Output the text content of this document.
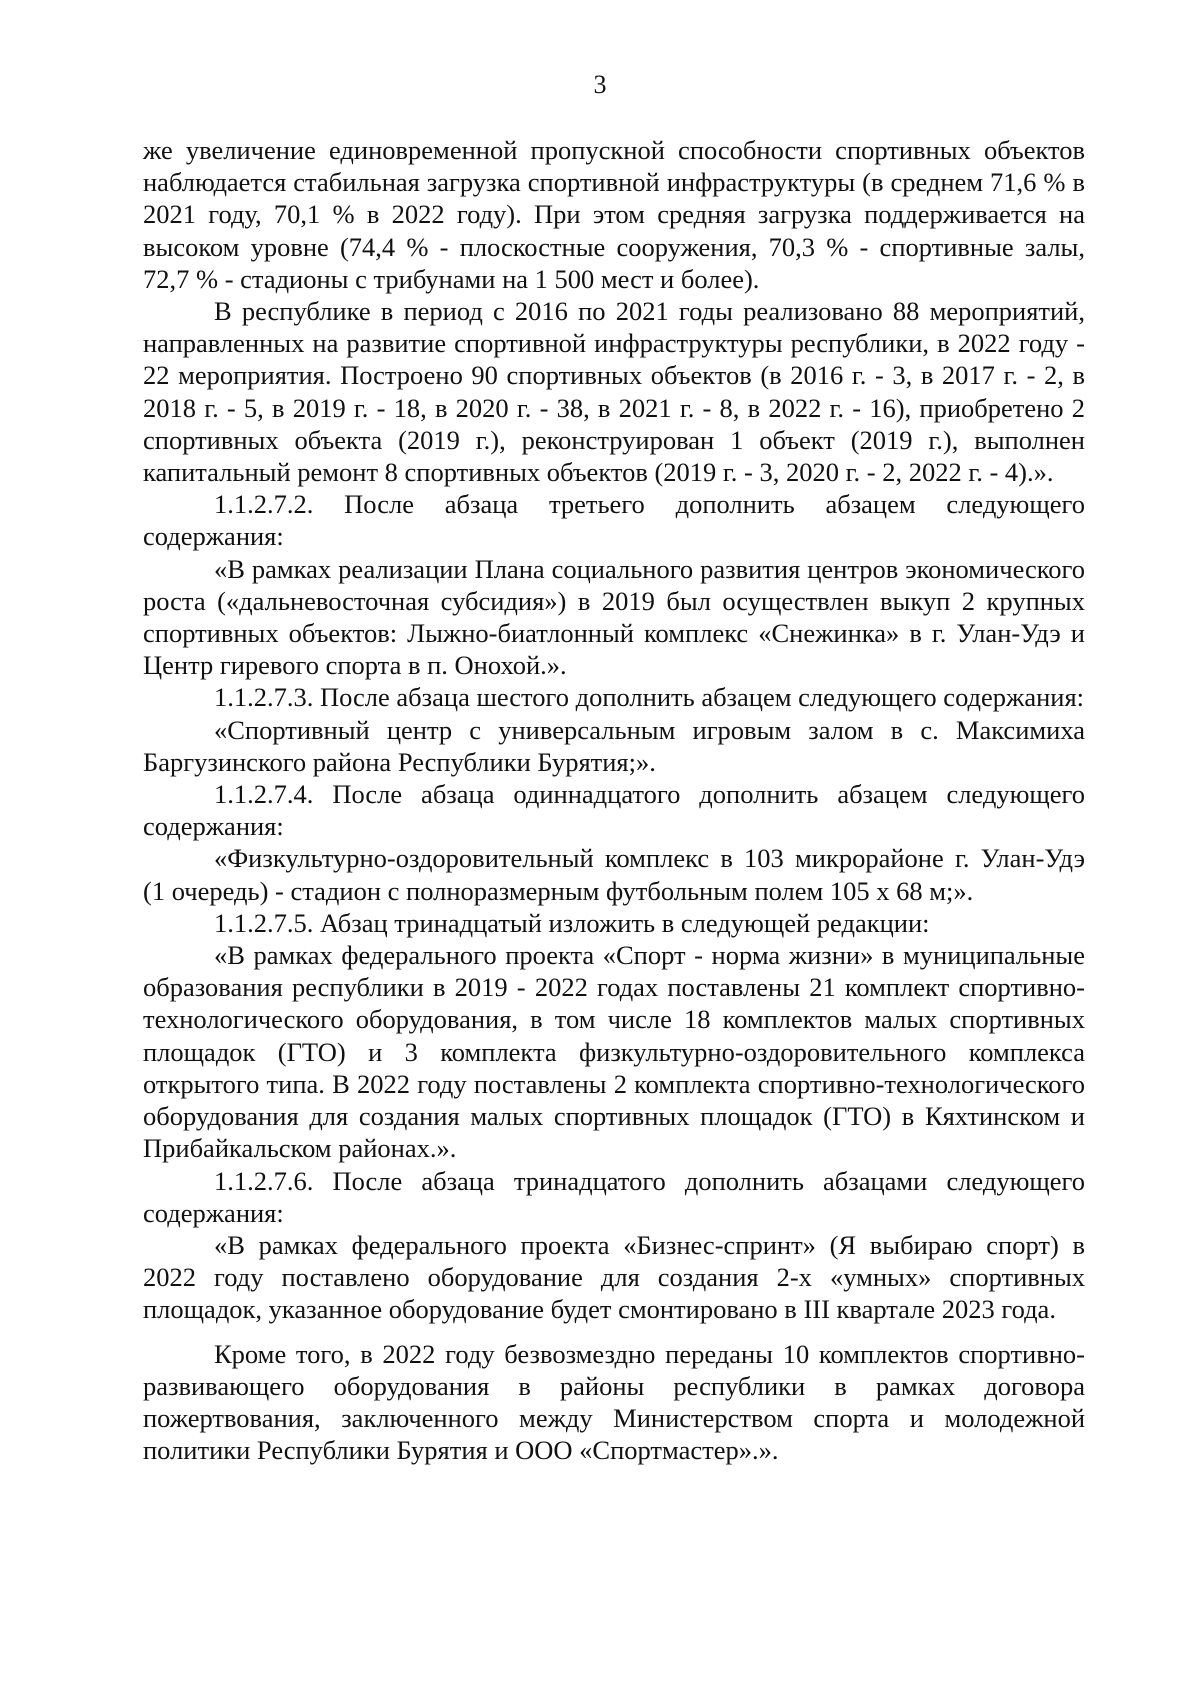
3

же увеличение единовременной пропускной способности спортивных объектов наблюдается стабильная загрузка спортивной инфраструктуры (в среднем 71,6 % в 2021 году, 70,1 % в 2022 году). При этом средняя загрузка поддерживается на высоком уровне (74,4 % - плоскостные сооружения, 70,3 % - спортивные залы, 72,7 % - стадионы с трибунами на 1 500 мест и более).

В республике в период с 2016 по 2021 годы реализовано 88 мероприятий, направленных на развитие спортивной инфраструктуры республики, в 2022 году - 22 мероприятия. Построено 90 спортивных объектов (в 2016 г. - 3, в 2017 г. - 2, в 2018 г. - 5, в 2019 г. - 18, в 2020 г. - 38, в 2021 г. - 8, в 2022 г. - 16), приобретено 2 спортивных объекта (2019 г.), реконструирован 1 объект (2019 г.), выполнен капитальный ремонт 8 спортивных объектов (2019 г. - 3, 2020 г. - 2, 2022 г. - 4).».

1.1.2.7.2. После абзаца третьего дополнить абзацем следующего содержания:

«В рамках реализации Плана социального развития центров экономического роста («дальневосточная субсидия») в 2019 был осуществлен выкуп 2 крупных спортивных объектов: Лыжно-биатлонный комплекс «Снежинка» в г. Улан-Удэ и Центр гиревого спорта в п. Онохой.».

1.1.2.7.3. После абзаца шестого дополнить абзацем следующего содержания:

«Спортивный центр с универсальным игровым залом в с. Максимиха Баргузинского района Республики Бурятия;».

1.1.2.7.4. После абзаца одиннадцатого дополнить абзацем следующего содержания:

«Физкультурно-оздоровительный комплекс в 103 микрорайоне г. Улан-Удэ (1 очередь) - стадион с полноразмерным футбольным полем 105 х 68 м;».

1.1.2.7.5. Абзац тринадцатый изложить в следующей редакции:

«В рамках федерального проекта «Спорт - норма жизни» в муниципальные образования республики в 2019 - 2022 годах поставлены 21 комплект спортивно-технологического оборудования, в том числе 18 комплектов малых спортивных площадок (ГТО) и 3 комплекта физкультурно-оздоровительного комплекса открытого типа. В 2022 году поставлены 2 комплекта спортивно-технологического оборудования для создания малых спортивных площадок (ГТО) в Кяхтинском и Прибайкальском районах.».

1.1.2.7.6. После абзаца тринадцатого дополнить абзацами следующего содержания:

«В рамках федерального проекта «Бизнес-спринт» (Я выбираю спорт) в 2022 году поставлено оборудование для создания 2-х «умных» спортивных площадок, указанное оборудование будет смонтировано в III квартале 2023 года.

Кроме того, в 2022 году безвозмездно переданы 10 комплектов спортивно-развивающего оборудования в районы республики в рамках договора пожертвования, заключенного между Министерством спорта и молодежной политики Республики Бурятия и ООО «Спортмастер».».
